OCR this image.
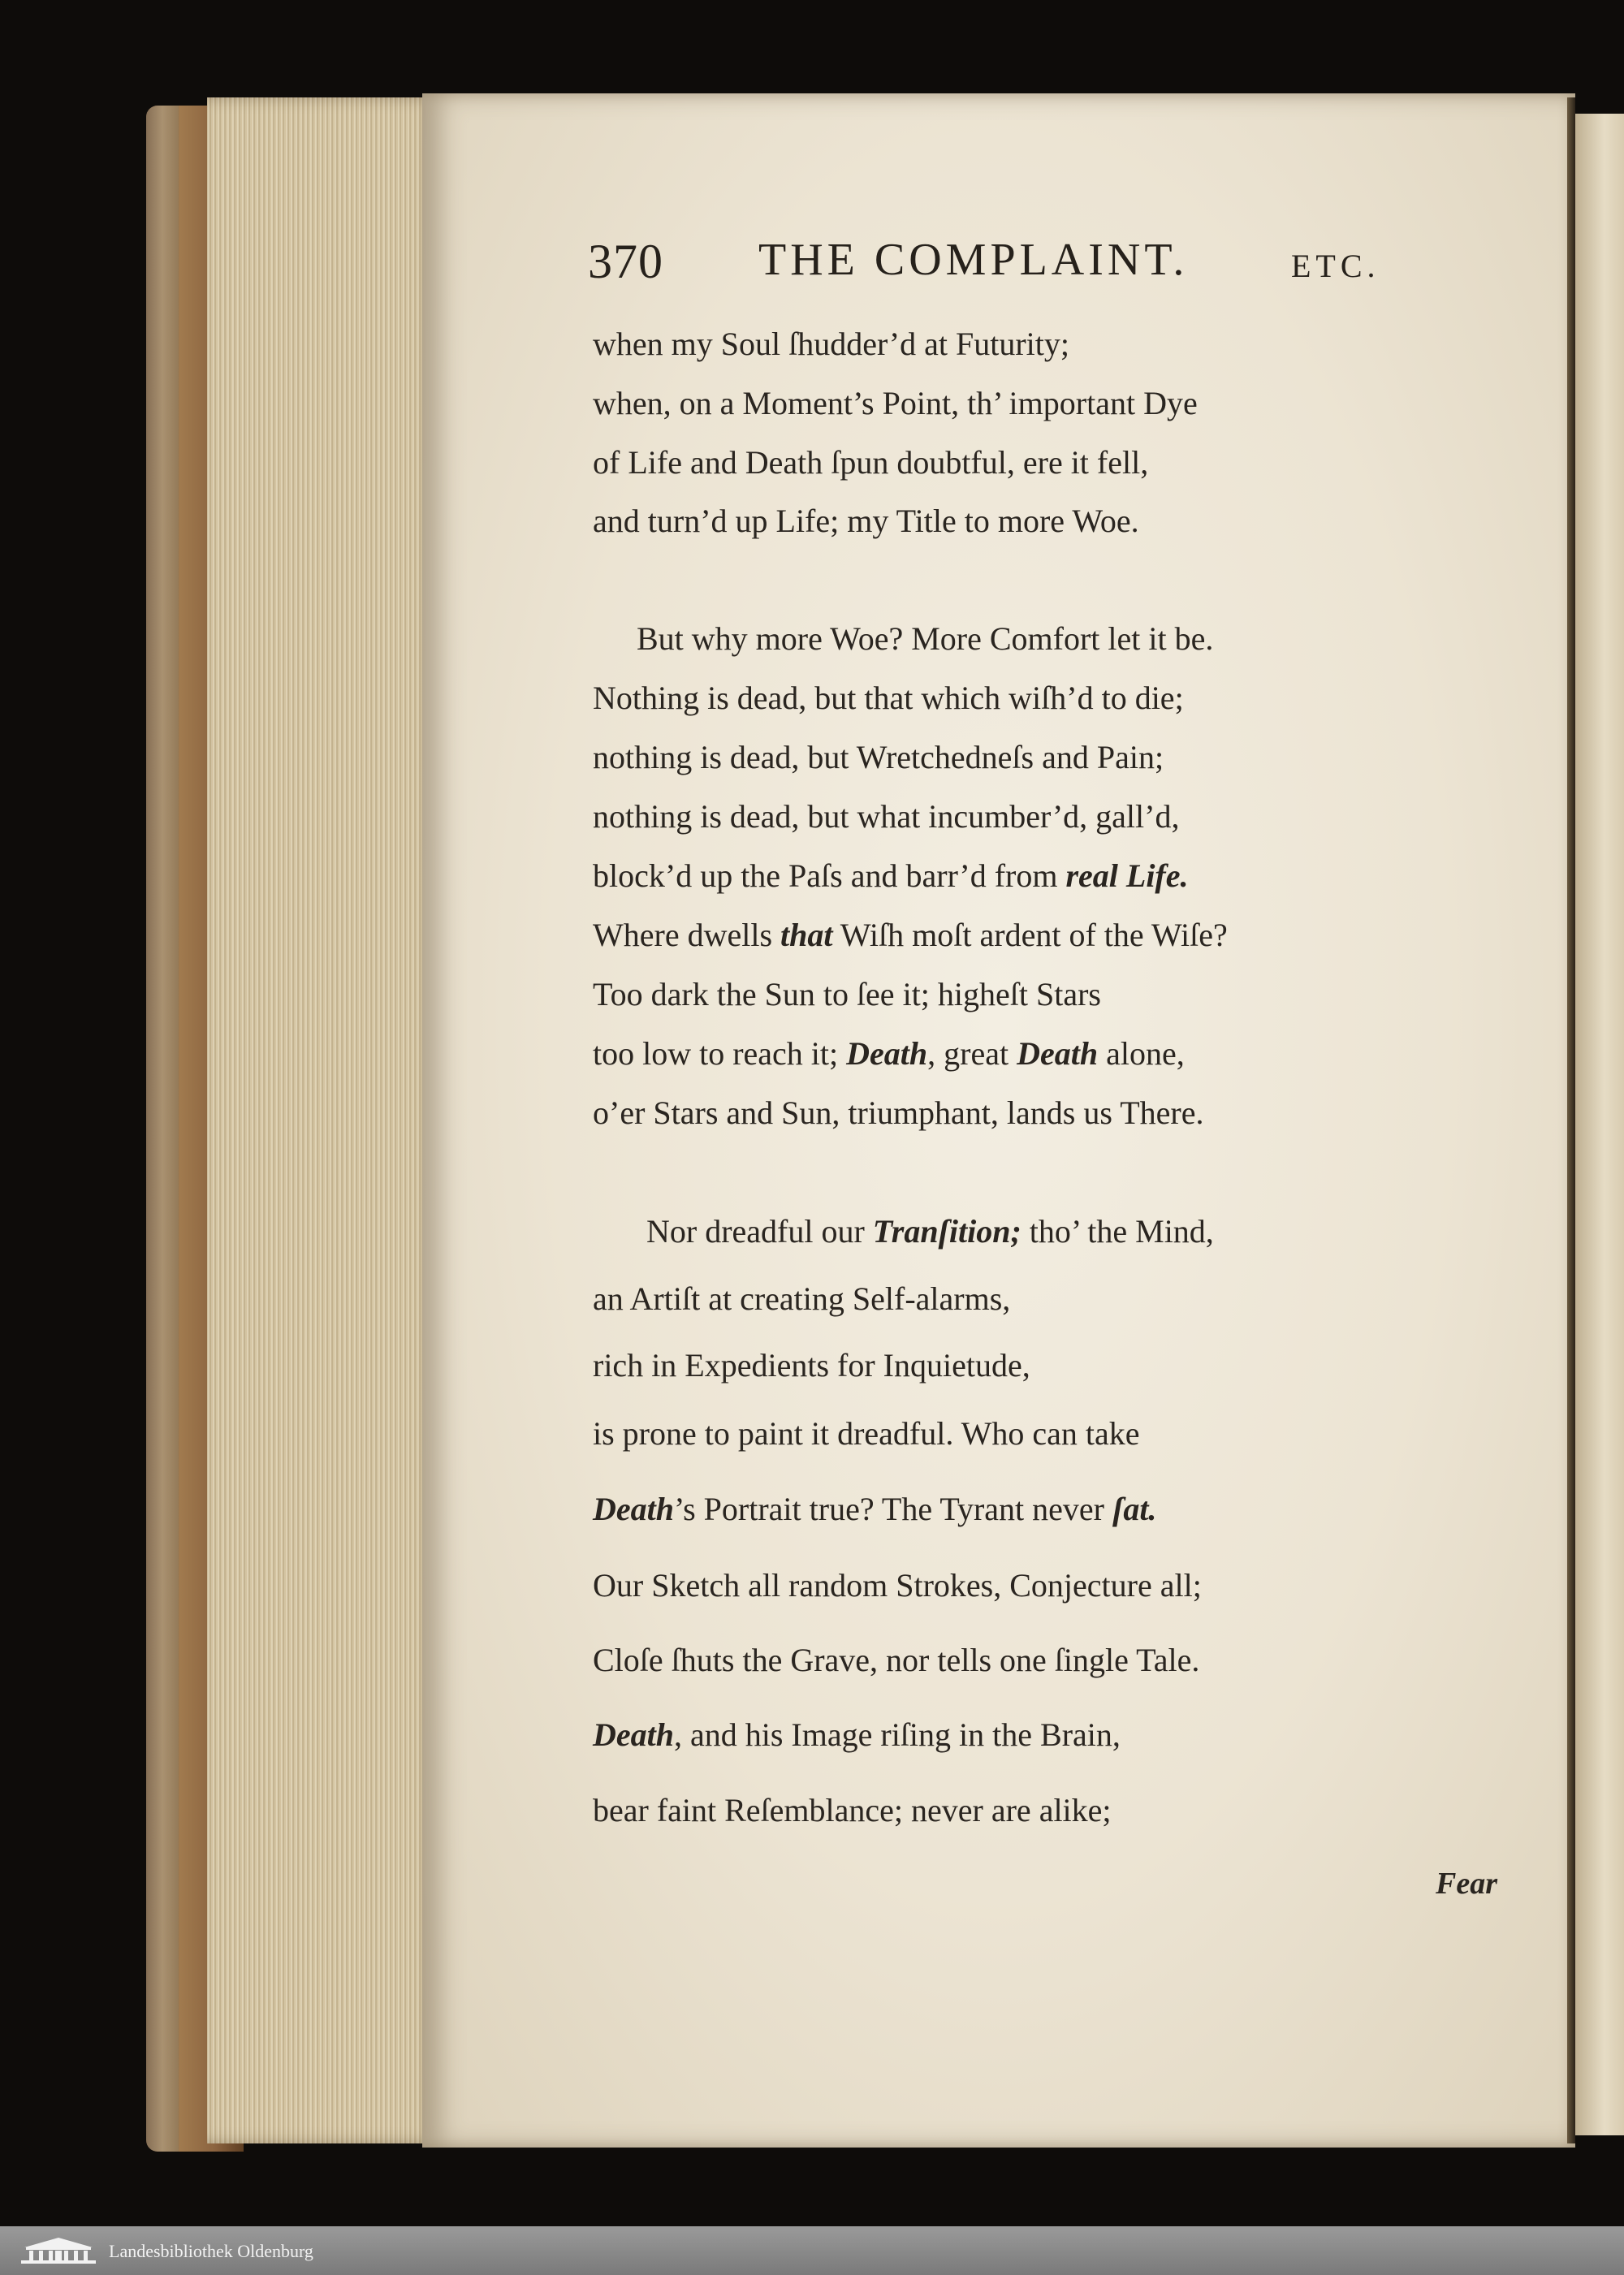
370 THE COMPLAINT.	ETC.
when my Soul ſhudder’d at Futurity;
when, on a Moment’s Point, th’ important Dye
of Life and Death ſpun doubtful, ere it fell,
and turn’d up Life; my Title to more Woe.
But why more Woe? More Comfort let it be.
Nothing is dead, but that which wiſh’d to die;
nothing is dead, but Wretchedneſs and Pain;
nothing is dead, but what incumber’d, gall’d,
block’d up the Paſs and barr’d from real Life.
Where dwells that Wiſh moſt ardent of the Wiſe?
Too dark the Sun to ſee it; higheſt Stars
too low to reach it; Death, great Death alone,
o’er Stars and Sun, triumphant, lands us There.
Nor dreadful our Tranſition; tho’ the Mind,
an Artiſt at creating Self-alarms,
rich in Expedients for Inquietude,
is prone to paint it dreadful. Who can take
Death’s Portrait true? The Tyrant never ſat.
Our Sketch all random Strokes, Conjecture all;
Cloſe ſhuts the Grave, nor tells one ſingle Tale.
Death, and his Image riſing in the Brain,
bear faint Reſemblance; never are alike;
Fear
Landesbibliothek Oldenburg
